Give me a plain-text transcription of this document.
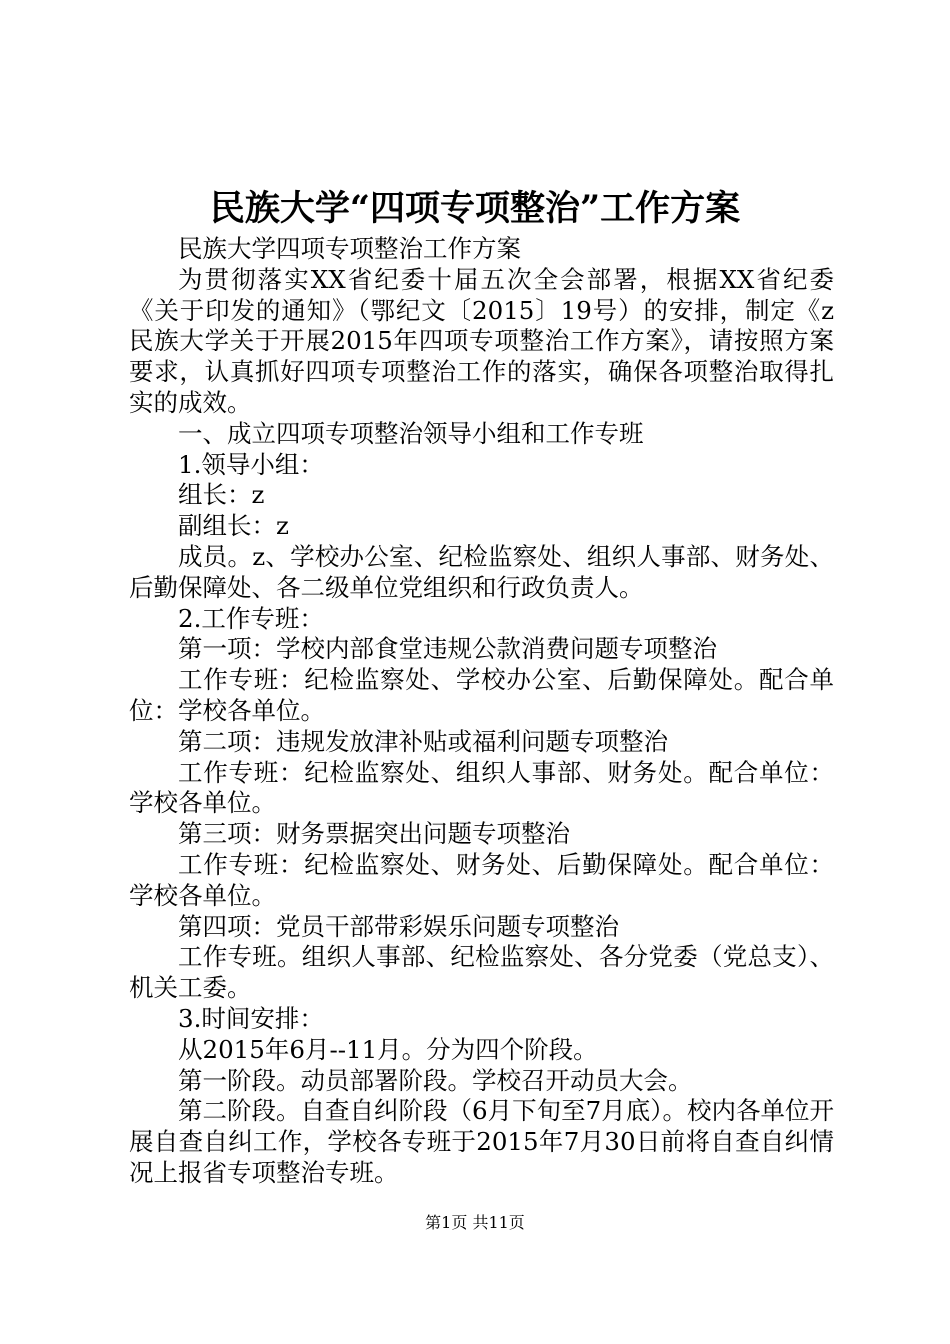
民族大学“四项专项整治”工作方案

民族大学四项专项整治工作方案

为贯彻落实XX省纪委十届五次全会部署，根据XX省纪委《关于印发的通知》（鄂纪文〔2015〕19号）的安排，制定《z民族大学关于开展2015年四项专项整治工作方案》，请按照方案要求，认真抓好四项专项整治工作的落实，确保各项整治取得扎实的成效。

一、成立四项专项整治领导小组和工作专班

1.领导小组：

组长：z

副组长：z

成员。z、学校办公室、纪检监察处、组织人事部、财务处、后勤保障处、各二级单位党组织和行政负责人。

2.工作专班：

第一项：学校内部食堂违规公款消费问题专项整治

工作专班：纪检监察处、学校办公室、后勤保障处。配合单位：学校各单位。

第二项：违规发放津补贴或福利问题专项整治

工作专班：纪检监察处、组织人事部、财务处。配合单位：学校各单位。

第三项：财务票据突出问题专项整治

工作专班：纪检监察处、财务处、后勤保障处。配合单位：学校各单位。

第四项：党员干部带彩娱乐问题专项整治

工作专班。组织人事部、纪检监察处、各分党委（党总支）、机关工委。

3.时间安排：

从2015年6月--11月。分为四个阶段。

第一阶段。动员部署阶段。学校召开动员大会。

第二阶段。自查自纠阶段（6月下旬至7月底）。校内各单位开展自查自纠工作，学校各专班于2015年7月30日前将自查自纠情况上报省专项整治专班。

第1页 共11页
